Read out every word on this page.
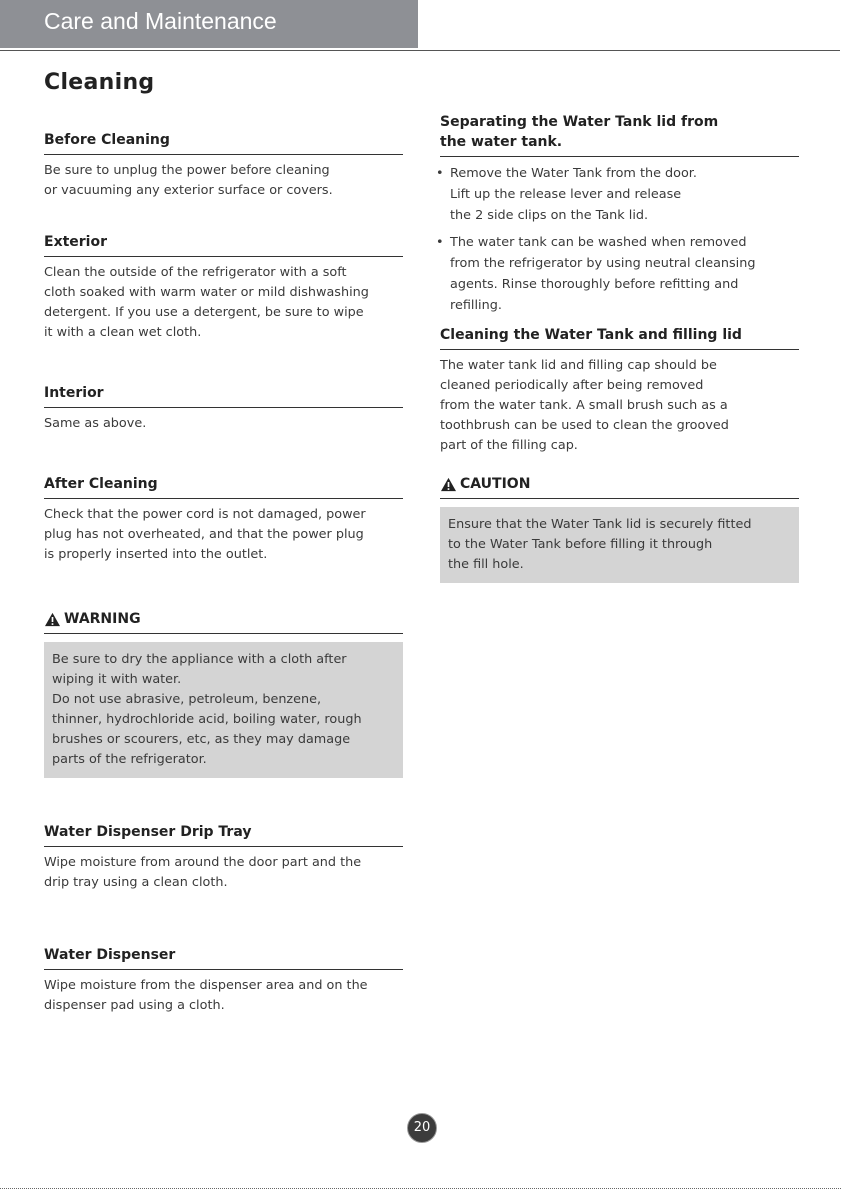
Care and Maintenance
Cleaning
Before Cleaning
Be sure to unplug the power before cleaning
or vacuuming any exterior surface or covers.
Exterior
Clean the outside of the refrigerator with a soft
cloth soaked with warm water or mild dishwashing
detergent. If you use a detergent, be sure to wipe
it with a clean wet cloth.
Interior
Same as above.
After Cleaning
Check that the power cord is not damaged, power
plug has not overheated, and that the power plug
is properly inserted into the outlet.
WARNING
Be sure to dry the appliance with a cloth after
wiping it with water.
Do not use abrasive, petroleum, benzene,
thinner, hydrochloride acid, boiling water, rough
brushes or scourers, etc, as they may damage
parts of the refrigerator.
Water Dispenser Drip Tray
Wipe moisture from around the door part and the
drip tray using a clean cloth.
Water Dispenser
Wipe moisture from the dispenser area and on the
dispenser pad using a cloth.
Separating the Water Tank lid from
the water tank.
• Remove the Water Tank from the door.
Lift up the release lever and release
the 2 side clips on the Tank lid.
• The water tank can be washed when removed
from the refrigerator by using neutral cleansing
agents. Rinse thoroughly before refitting and
refilling.
Cleaning the Water Tank and filling lid
The water tank lid and filling cap should be
cleaned periodically after being removed
from the water tank. A small brush such as a
toothbrush can be used to clean the grooved
part of the filling cap.
CAUTION
Ensure that the Water Tank lid is securely fitted
to the Water Tank before filling it through
the fill hole.
20
